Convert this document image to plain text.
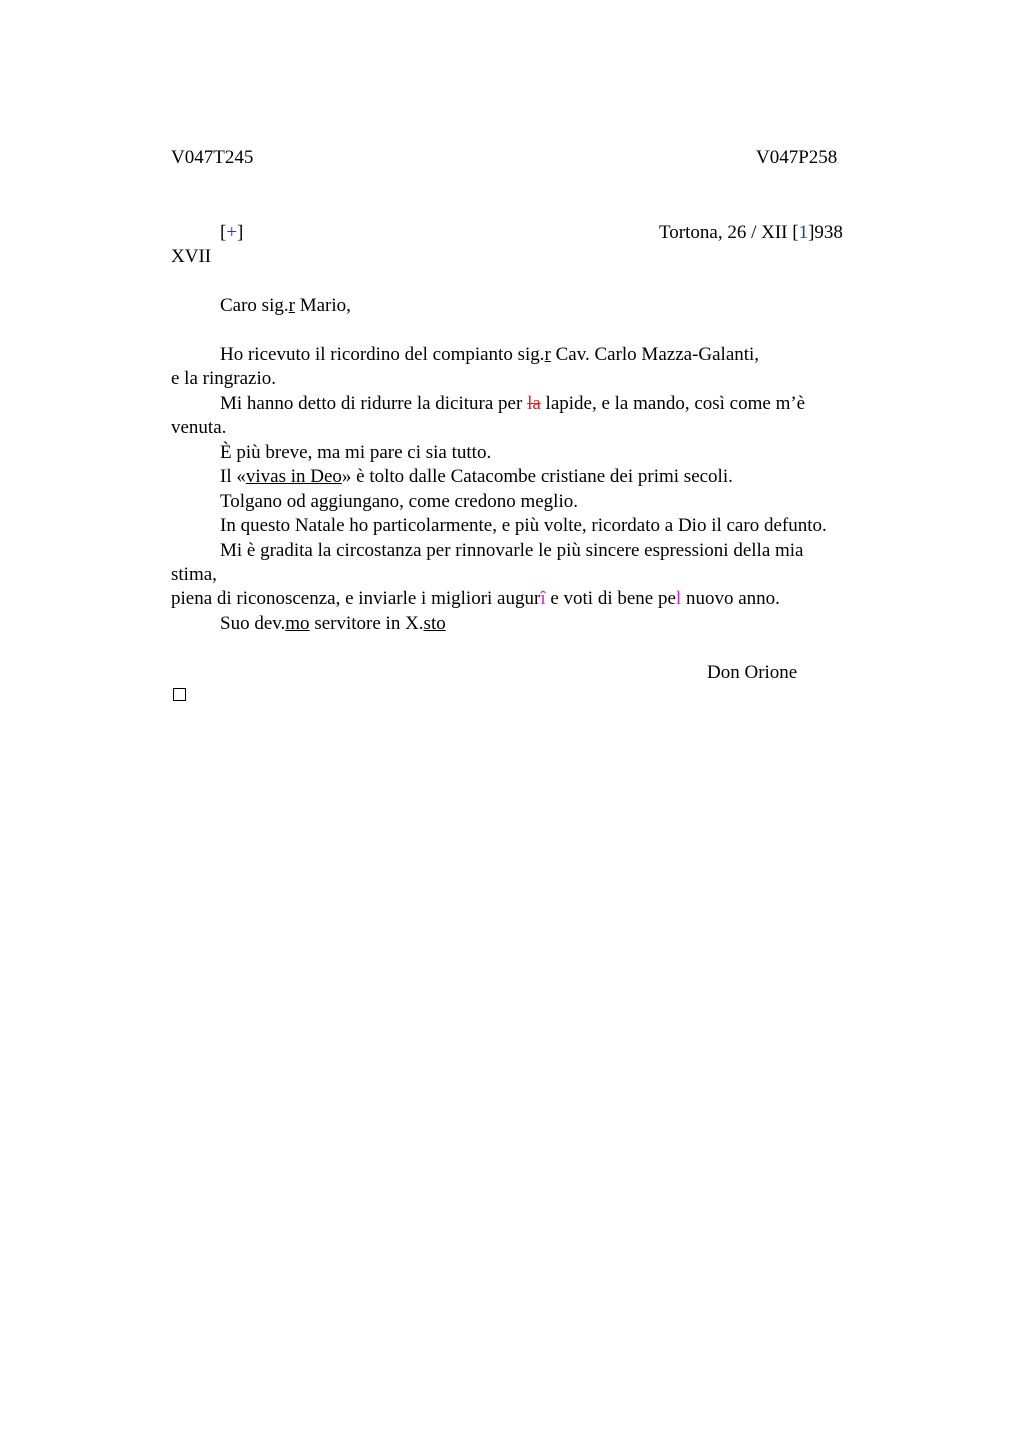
V047T245	V047P258
[+]	Tortona, 26 / XII [1]938
XVII
Caro sig.r Mario,
Ho ricevuto il ricordino del compianto sig.r Cav. Carlo Mazza-Galanti,
e la ringrazio.
Mi hanno detto di ridurre la dicitura per la lapide, e la mando, così come m’è
venuta.
È più breve, ma mi pare ci sia tutto.
Il «vivas in Deo» è tolto dalle Catacombe cristiane dei primi secoli.
Tolgano od aggiungano, come credono meglio.
In questo Natale ho particolarmente, e più volte, ricordato a Dio il caro defunto.
Mi è gradita la circostanza per rinnovarle le più sincere espressioni della mia
stima,
piena di riconoscenza, e inviarle i migliori augurî e voti di bene pel nuovo anno.
Suo dev.mo servitore in X.sto
Don Orione
